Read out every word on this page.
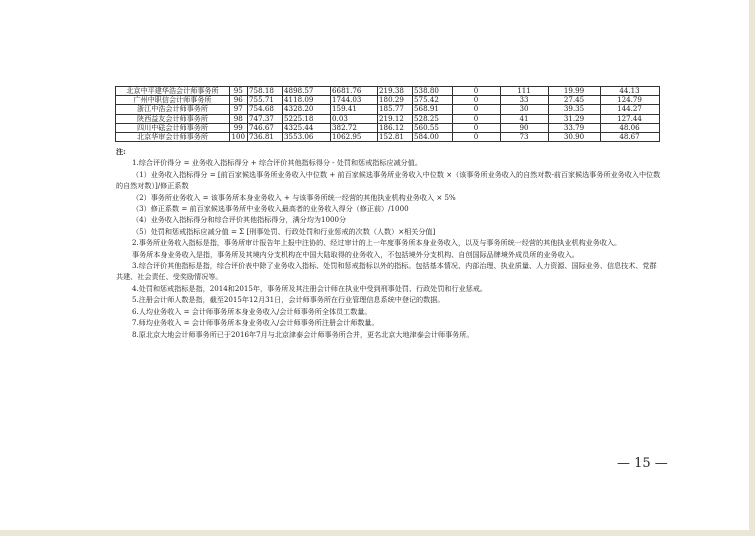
北京中平建华浩会计师事务所	95	758.18	4898.57	6681.76	219.38	538.80	0	111	19.99	44.13
广州中职信会计师事务所	96	755.71	4118.09	1744.03	180.29	575.42	0	33	27.45	124.79
浙江中浩会计师事务所	97	754.68	4328.20	159.41	185.77	568.91	0	30	39.35	144.27
陕西益友会计师事务所	98	747.37	5225.18	0.03	219.12	528.25	0	41	31.29	127.44
四川中砝会计师事务所	99	746.67	4325.44	382.72	186.12	560.55	0	90	33.79	48.06
北京华审会计师事务所	100	736.81	3553.06	1062.95	152.81	584.00	0	73	30.90	48.67

注:

1.综合评价得分 = 业务收入指标得分 + 综合评价其他指标得分 - 处罚和惩戒指标应减分值。

（1）业务收入指标得分 = [前百家候选事务所业务收入中位数 + 前百家候选事务所业务收入中位数 ×（该事务所业务收入的自然对数-前百家候选事务所业务收入中位数的自然对数）]/修正系数

（2）事务所业务收入 = 该事务所本身业务收入 + 与该事务所统一经营的其他执业机构业务收入 × 5%

（3）修正系数 = 前百家候选事务所中业务收入最高者的业务收入得分（修正前）/1000

（4）业务收入指标得分和综合评价其他指标得分，满分均为1000分

（5）处罚和惩戒指标应减分值 = Σ [刑事处罚、行政处罚和行业惩戒的次数（人数）×相关分值]

2.事务所业务收入指标是指，事务所审计报告年上报中注协的、经过审计的上一年度事务所本身业务收入，以及与事务所统一经营的其他执业机构业务收入。

事务所本身业务收入是指，事务所及其境内分支机构在中国大陆取得的业务收入，不包括境外分支机构、自创国际品牌境外成员所的业务收入。

3.综合评价其他指标是指，综合评价表中除了业务收入指标、处罚和惩戒指标以外的指标。包括基本情况、内部治理、执业质量、人力资源、国际业务、信息技术、党群共建、社会责任、受奖励情况等。

4.处罚和惩戒指标是指，2014和2015年，事务所及其注册会计师在执业中受到刑事处罚、行政处罚和行业惩戒。

5.注册会计师人数是指，截至2015年12月31日，会计师事务所在行业管理信息系统中登记的数据。

6.人均业务收入 = 会计师事务所本身业务收入/会计师事务所全体员工数量。

7.师均业务收入 = 会计师事务所本身业务收入/会计师事务所注册会计师数量。

8.原北京大地会计师事务所已于2016年7月与北京津泰会计师事务所合并，更名北京大地津泰会计师事务所。

— 15 —
